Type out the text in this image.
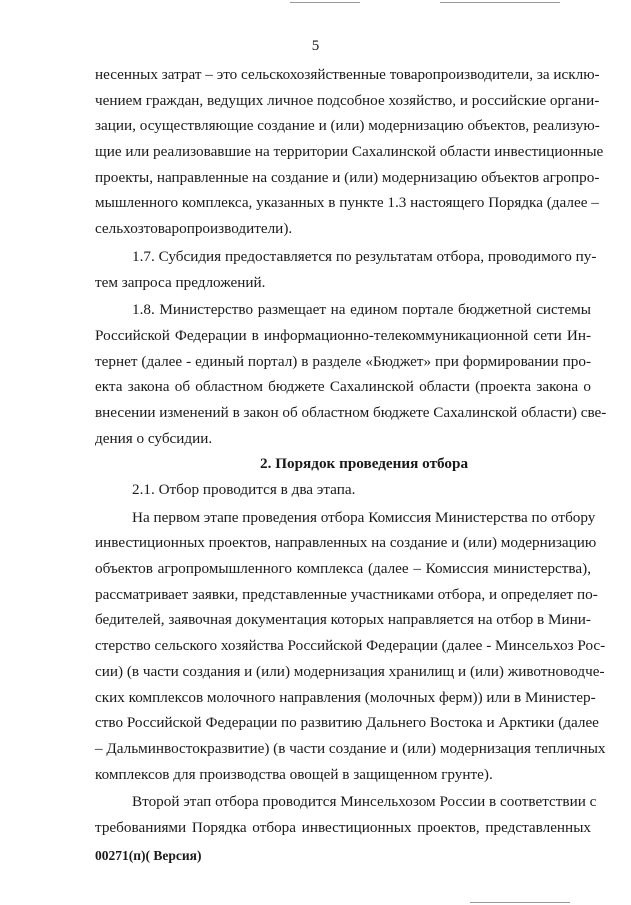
5
несенных затрат – это сельскохозяйственные товаропроизводители, за исклю-
чением граждан, ведущих личное подсобное хозяйство, и российские органи-
зации, осуществляющие создание и (или) модернизацию объектов, реализую-
щие или реализовавшие на территории Сахалинской области инвестиционные
проекты, направленные на создание и (или) модернизацию объектов агропро-
мышленного комплекса, указанных в пункте 1.3 настоящего Порядка (далее –
сельхозтоваропроизводители).
1.7. Субсидия предоставляется по результатам отбора, проводимого пу-
тем запроса предложений.
1.8. Министерство размещает на едином портале бюджетной системы
Российской Федерации в информационно-телекоммуникационной сети Ин-
тернет (далее - единый портал) в разделе «Бюджет» при формировании про-
екта закона об областном бюджете Сахалинской области (проекта закона о
внесении изменений в закон об областном бюджете Сахалинской области) све-
дения о субсидии.
2. Порядок проведения отбора
2.1. Отбор проводится в два этапа.
На первом этапе проведения отбора Комиссия Министерства по отбору
инвестиционных проектов, направленных на создание и (или) модернизацию
объектов агропромышленного комплекса (далее – Комиссия министерства),
рассматривает заявки, представленные участниками отбора, и определяет по-
бедителей, заявочная документация которых направляется на отбор в Мини-
стерство сельского хозяйства Российской Федерации (далее - Минсельхоз Рос-
сии) (в части создания и (или) модернизация хранилищ и (или) животноводче-
ских комплексов молочного направления (молочных ферм)) или в Министер-
ство Российской Федерации по развитию Дальнего Востока и Арктики (далее
– Дальминвостокразвитие) (в части создание и (или) модернизация тепличных
комплексов для производства овощей в защищенном грунте).
Второй этап отбора проводится Минсельхозом России в соответствии с
требованиями Порядка отбора инвестиционных проектов, представленных
00271(п)( Версия)
